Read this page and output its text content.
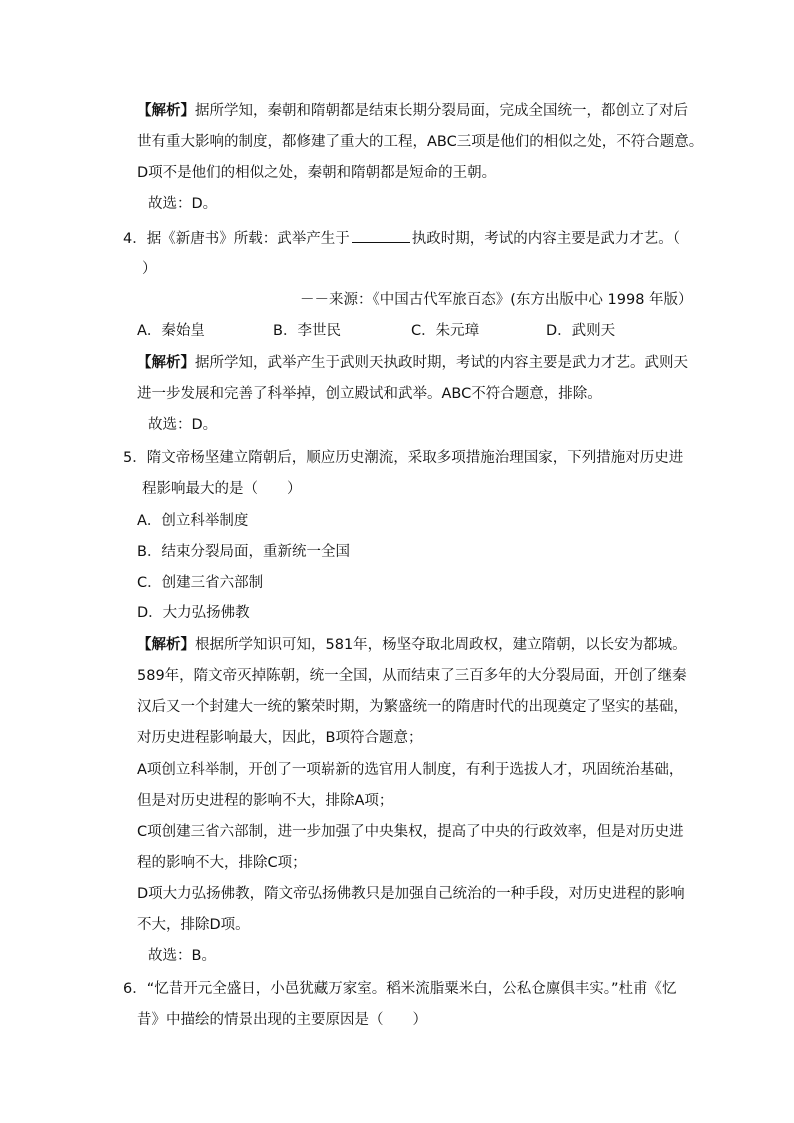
【解析】据所学知，秦朝和隋朝都是结束长期分裂局面，完成全国统一，都创立了对后
世有重大影响的制度，都修建了重大的工程，ABC三项是他们的相似之处，不符合题意。
D项不是他们的相似之处，秦朝和隋朝都是短命的王朝。
故选：D。
4．据《新唐书》所载：武举产生于	执政时期，考试的内容主要是武力才艺。（
）
－－来源：《中国古代军旅百态》(东方出版中心 1998 年版）
A．秦始皇	B．李世民	C．朱元璋	D．武则天
【解析】据所学知，武举产生于武则天执政时期，考试的内容主要是武力才艺。武则天
进一步发展和完善了科举掉，创立殿试和武举。ABC不符合题意，排除。
故选：D。
5．隋文帝杨坚建立隋朝后，顺应历史潮流，采取多项措施治理国家，下列措施对历史进
程影响最大的是（　　）
A．创立科举制度
B．结束分裂局面，重新统一全国
C．创建三省六部制
D．大力弘扬佛教
【解析】根据所学知识可知，581年，杨坚夺取北周政权，建立隋朝，以长安为都城。
589年，隋文帝灭掉陈朝，统一全国，从而结束了三百多年的大分裂局面，开创了继秦
汉后又一个封建大一统的繁荣时期，为繁盛统一的隋唐时代的出现奠定了坚实的基础，
对历史进程影响最大，因此，B项符合题意；
A项创立科举制，开创了一项崭新的选官用人制度，有利于选拔人才，巩固统治基础，
但是对历史进程的影响不大，排除A项；
C项创建三省六部制，进一步加强了中央集权，提高了中央的行政效率，但是对历史进
程的影响不大，排除C项；
D项大力弘扬佛教，隋文帝弘扬佛教只是加强自己统治的一种手段，对历史进程的影响
不大，排除D项。
故选：B。
6．“忆昔开元全盛日，小邑犹藏万家室。稻米流脂粟米白，公私仓廪俱丰实。”杜甫《忆
昔》中描绘的情景出现的主要原因是（　　）
